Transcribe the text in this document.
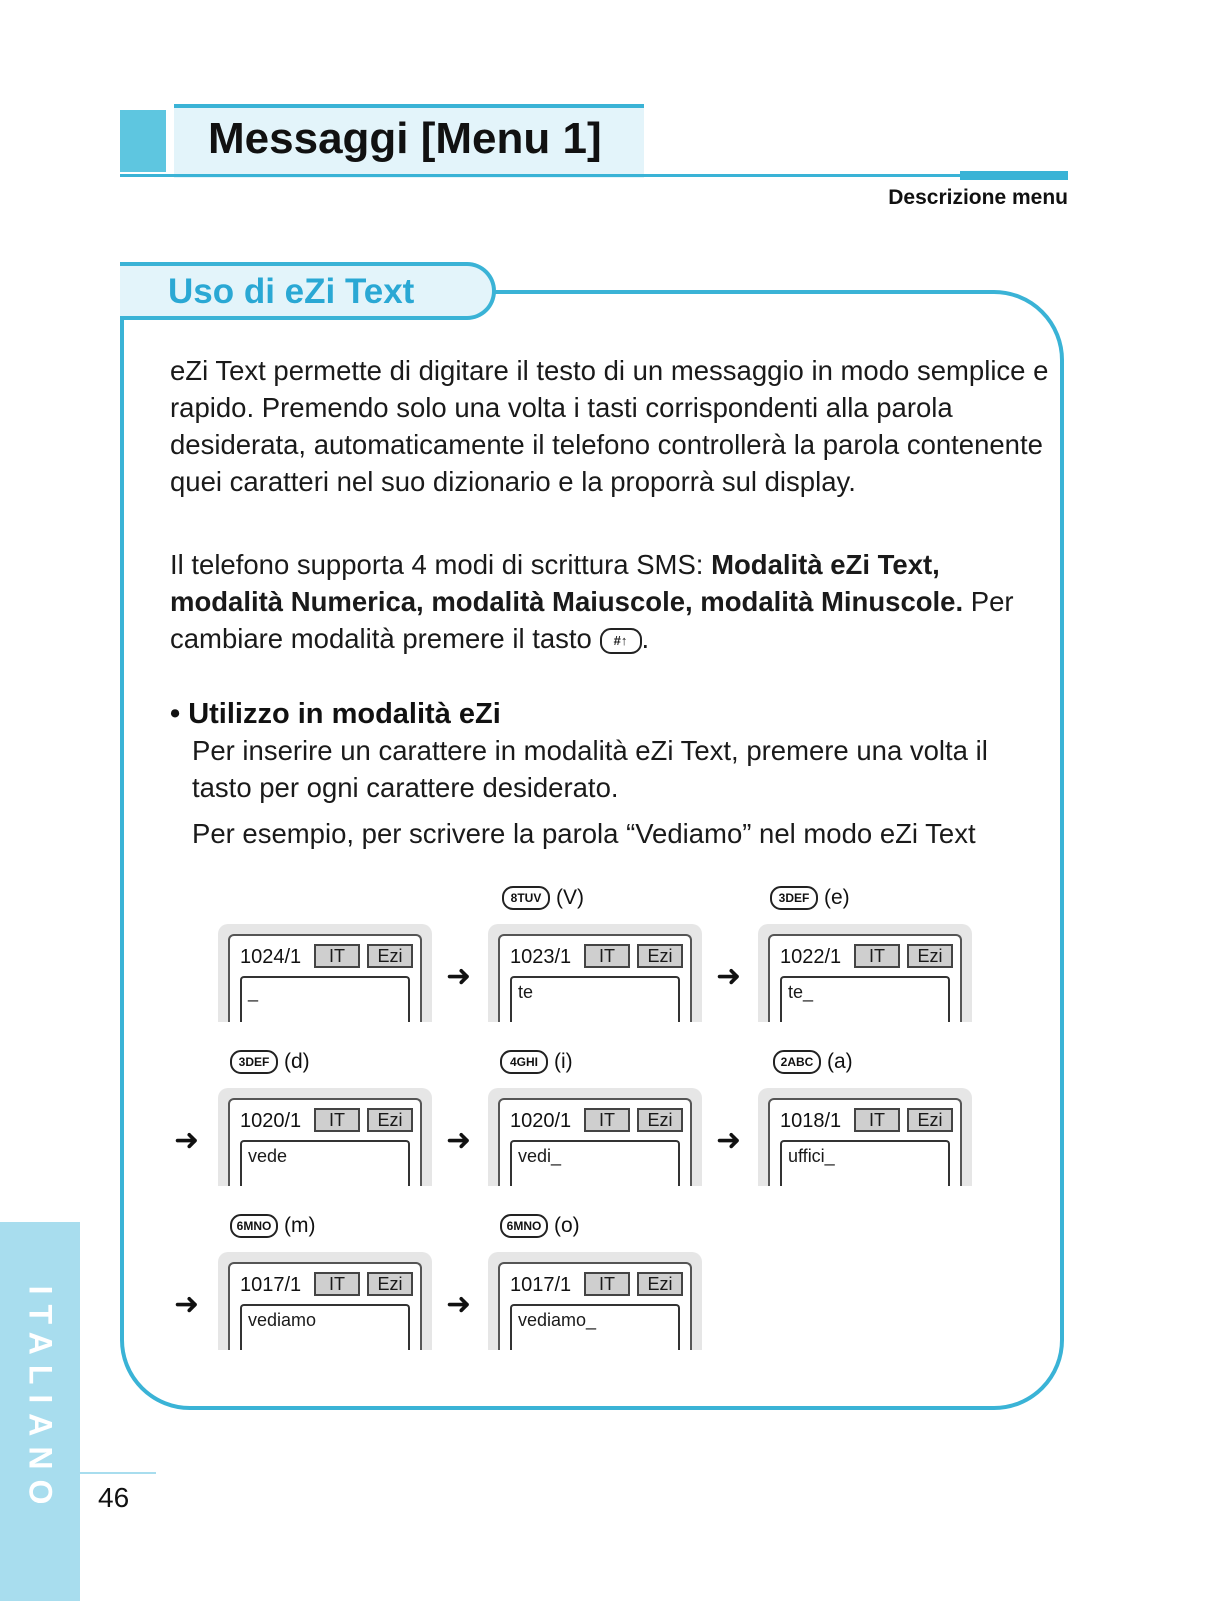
Messaggi [Menu 1]
Descrizione menu
Uso di eZi Text

eZi Text permette di digitare il testo di un messaggio in modo semplice e rapido. Premendo solo una volta i tasti corrispondenti alla parola desiderata, automaticamente il telefono controllerà la parola contenente quei caratteri nel suo dizionario e la proporrà sul display.

Il telefono supporta 4 modi di scrittura SMS: Modalità eZi Text, modalità Numerica, modalità Maiuscole, modalità Minuscole. Per cambiare modalità premere il tasto #↑ .

• Utilizzo in modalità eZi

Per inserire un carattere in modalità eZi Text, premere una volta il tasto per ogni carattere desiderato.

Per esempio, per scrivere la parola “Vediamo” nel modo eZi Text

8TUV (V)	3DEF (e)
3DEF (d)	4GHI (i)	2ABC (a)
6MNO (m)	6MNO (o)
1024/1	IT	Ezi
_	➜
1023/1	IT	Ezi
te	➜
1022/1	IT	Ezi
te_
➜
1020/1	IT	Ezi
vede	➜
1020/1	IT	Ezi
vedi_	➜
1018/1	IT	Ezi
uffici_
➜
1017/1	IT	Ezi
vediamo	➜
1017/1	IT	Ezi
vediamo_
ITALIANO 46
